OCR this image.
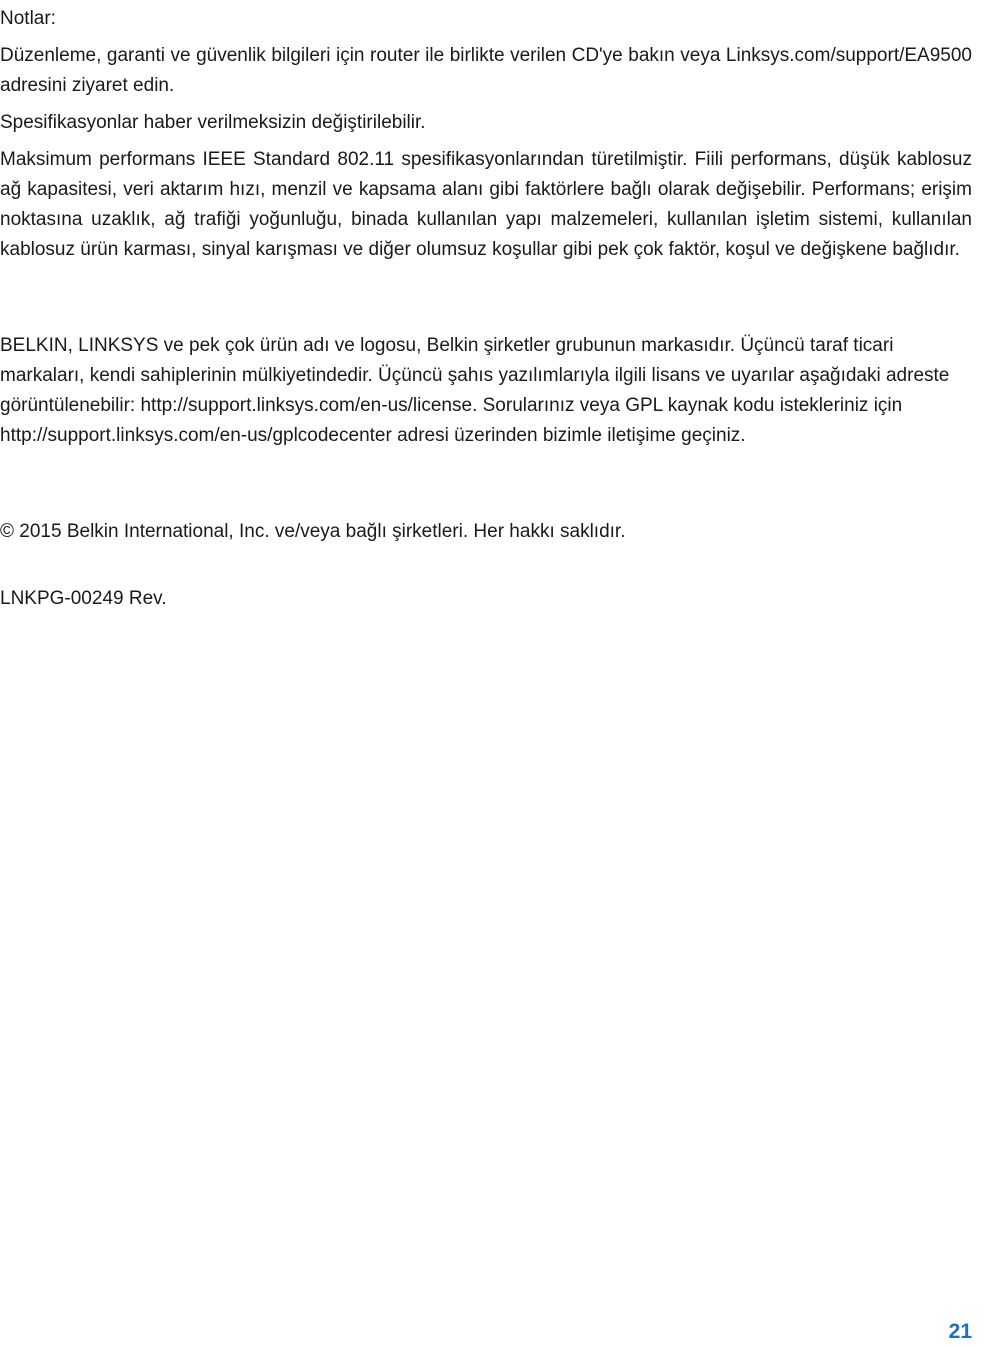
Notlar:

Düzenleme, garanti ve güvenlik bilgileri için router ile birlikte verilen CD'ye bakın veya Linksys.com/support/EA9500 adresini ziyaret edin.

Spesifikasyonlar haber verilmeksizin değiştirilebilir.

Maksimum performans IEEE Standard 802.11 spesifikasyonlarından türetilmiştir. Fiili performans, düşük kablosuz ağ kapasitesi, veri aktarım hızı, menzil ve kapsama alanı gibi faktörlere bağlı olarak değişebilir. Performans; erişim noktasına uzaklık, ağ trafiği yoğunluğu, binada kullanılan yapı malzemeleri, kullanılan işletim sistemi, kullanılan kablosuz ürün karması, sinyal karışması ve diğer olumsuz koşullar gibi pek çok faktör, koşul ve değişkene bağlıdır.

BELKIN, LINKSYS ve pek çok ürün adı ve logosu, Belkin şirketler grubunun markasıdır. Üçüncü taraf ticari markaları, kendi sahiplerinin mülkiyetindedir. Üçüncü şahıs yazılımlarıyla ilgili lisans ve uyarılar aşağıdaki adreste görüntülenebilir: http://support.linksys.com/en-us/license. Sorularınız veya GPL kaynak kodu istekleriniz için http://support.linksys.com/en-us/gplcodecenter adresi üzerinden bizimle iletişime geçiniz.

© 2015 Belkin International, Inc. ve/veya bağlı şirketleri. Her hakkı saklıdır.

LNKPG-00249 Rev.

21
